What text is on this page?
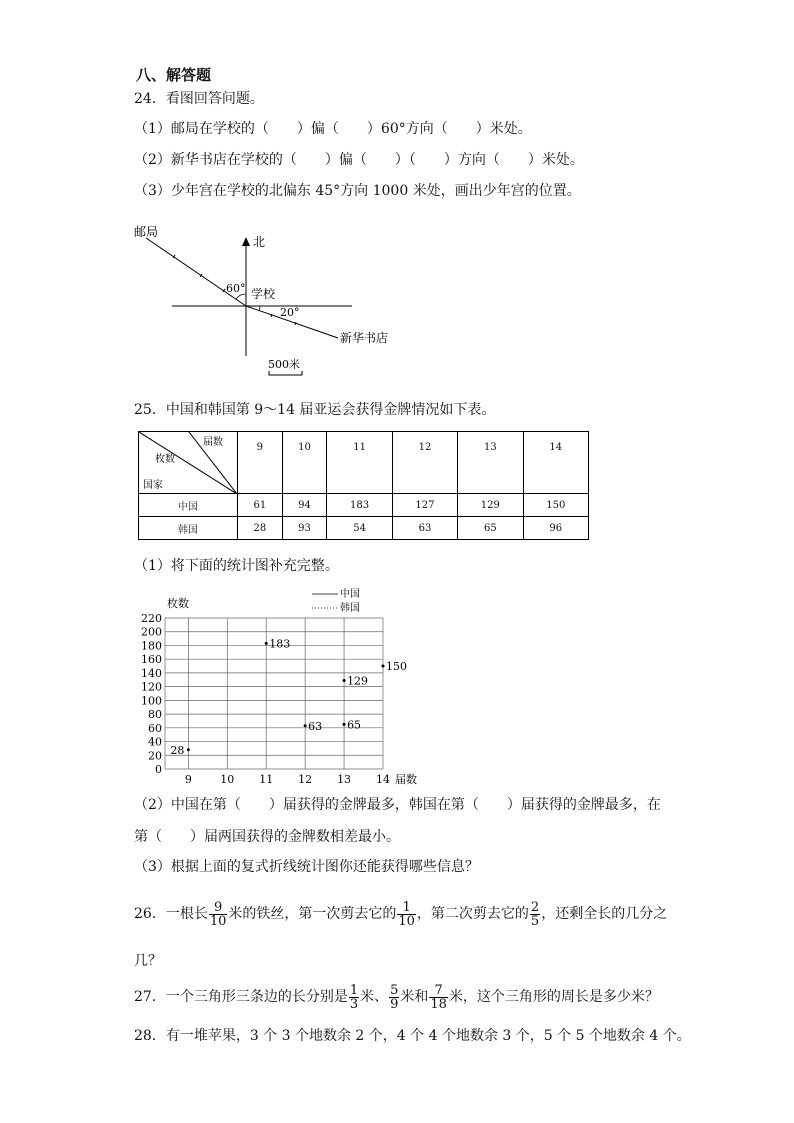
八、解答题
24．看图回答问题。
（1）邮局在学校的（　　）偏（　　）60°方向（　　）米处。
（2）新华书店在学校的（　　）偏（　　）（　　）方向（　　）米处。
（3）少年宫在学校的北偏东 45°方向 1000 米处，画出少年宫的位置。
北
邮局
新华书店
学校
60°
20°
500米
25．中国和韩国第 9～14 届亚运会获得金牌情况如下表。
届数
枚数
国家	9	10	11	12	13	14
中国	61	94	183	127	129	150
韩国	28	93	54	63	65	96
（1）将下面的统计图补充完整。
0
20
40
60
80
100
120
140
160
180
200
220
9	10 11 12 13 14
183
129
150
28
63 65
枚数
届数
中国
韩国
（2）中国在第（　　）届获得的金牌最多，韩国在第（　　）届获得的金牌最多，在
第（　　）届两国获得的金牌数相差最小。
（3）根据上面的复式折线统计图你还能获得哪些信息？
26．一根长 $\frac{9}{10}$ 米的铁丝，第一次剪去它的 $\frac{1}{10}$ ，第二次剪去它的 $\frac{2}{5}$ ，还剩全长的几分之
几？
27．一个三角形三条边的长分别是 $\frac{1}{3}$ 米、 $\frac{5}{9}$ 米和 $\frac{7}{18}$ 米，这个三角形的周长是多少米？
28．有一堆苹果，3 个 3 个地数余 2 个，4 个 4 个地数余 3 个，5 个 5 个地数余 4 个。
